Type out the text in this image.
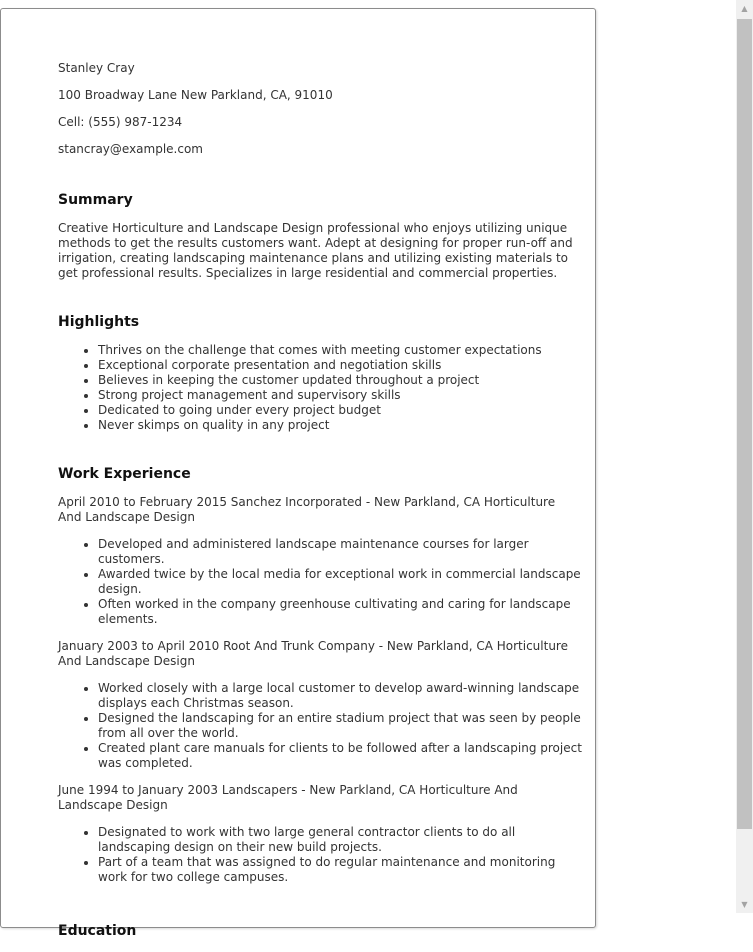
Stanley Cray

100 Broadway Lane New Parkland, CA, 91010

Cell: (555) 987-1234

stancray@example.com

Summary

Creative Horticulture and Landscape Design professional who enjoys utilizing unique methods to get the results customers want. Adept at designing for proper run-off and irrigation, creating landscaping maintenance plans and utilizing existing materials to get professional results. Specializes in large residential and commercial properties.

Highlights
• Thrives on the challenge that comes with meeting customer expectations
• Exceptional corporate presentation and negotiation skills
• Believes in keeping the customer updated throughout a project
• Strong project management and supervisory skills
• Dedicated to going under every project budget
• Never skimps on quality in any project
Work Experience

April 2010 to February 2015 Sanchez Incorporated - New Parkland, CA Horticulture And Landscape Design

• Developed and administered landscape maintenance courses for larger customers.
• Awarded twice by the local media for exceptional work in commercial landscape design.
• Often worked in the company greenhouse cultivating and caring for landscape elements.

January 2003 to April 2010 Root And Trunk Company - New Parkland, CA Horticulture And Landscape Design

• Worked closely with a large local customer to develop award-winning landscape displays each Christmas season.
• Designed the landscaping for an entire stadium project that was seen by people from all over the world.
• Created plant care manuals for clients to be followed after a landscaping project was completed.

June 1994 to January 2003 Landscapers - New Parkland, CA Horticulture And Landscape Design

• Designated to work with two large general contractor clients to do all landscaping design on their new build projects.
• Part of a team that was assigned to do regular maintenance and monitoring work for two college campuses.
Education
▲
▼
